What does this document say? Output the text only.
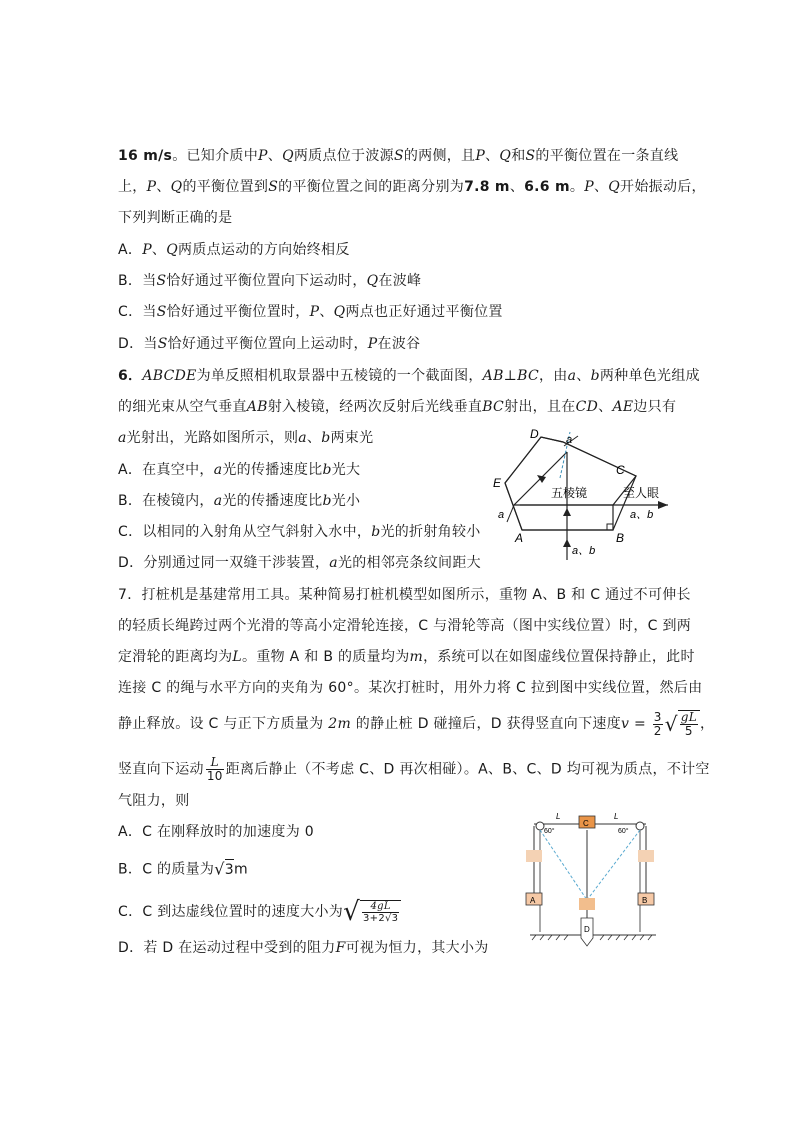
16 m/s。已知介质中P、Q两质点位于波源S的两侧，且P、Q和S的平衡位置在一条直线
上，P、Q的平衡位置到S的平衡位置之间的距离分别为7.8 m、6.6 m。P、Q开始振动后，
下列判断正确的是
A．P、Q两质点运动的方向始终相反
B．当S恰好通过平衡位置向下运动时，Q在波峰
C．当S恰好通过平衡位置时，P、Q两点也正好通过平衡位置
D．当S恰好通过平衡位置向上运动时，P在波谷
6．ABCDE为单反照相机取景器中五棱镜的一个截面图，AB⊥BC，由a、b两种单色光组成
的细光束从空气垂直AB射入棱镜，经两次反射后光线垂直BC射出，且在CD、AE边只有
a光射出，光路如图所示，则a、b两束光
A．在真空中，a光的传播速度比b光大
B．在棱镜内，a光的传播速度比b光小
C．以相同的入射角从空气斜射入水中，b光的折射角较小
D．分别通过同一双缝干涉装置，a光的相邻亮条纹间距大
D a
C
E
五棱镜	至人眼
a、b
a
A	B
a、b
7．打桩机是基建常用工具。某种简易打桩机模型如图所示，重物 A、B 和 C 通过不可伸长
的轻质长绳跨过两个光滑的等高小定滑轮连接，C 与滑轮等高（图中实线位置）时，C 到两
定滑轮的距离均为L。重物 A 和 B 的质量均为m，系统可以在如图虚线位置保持静止，此时
连接 C 的绳与水平方向的夹角为 60°。某次打桩时，用外力将 C 拉到图中实线位置，然后由
静止释放。设 C 与正下方质量为 2m 的静止桩 D 碰撞后，D 获得竖直向下速度$v = \frac{3}{2}$ √ $\frac{gL}{5}$ ，
竖直向下运动 $\frac{L}{10}$ 距离后静止（不考虑 C、D 再次相碰）。A、B、C、D 均可视为质点，不计空
气阻力，则
A．C 在刚释放时的加速度为 0
B．C 的质量为√3m
C．C 到达虚线位置时的速度大小为√ $\frac{4gL}{3+2√3}$
D．若 D 在运动过程中受到的阻力F可视为恒力，其大小为
L	L
60°	60°
C
A	B
D
